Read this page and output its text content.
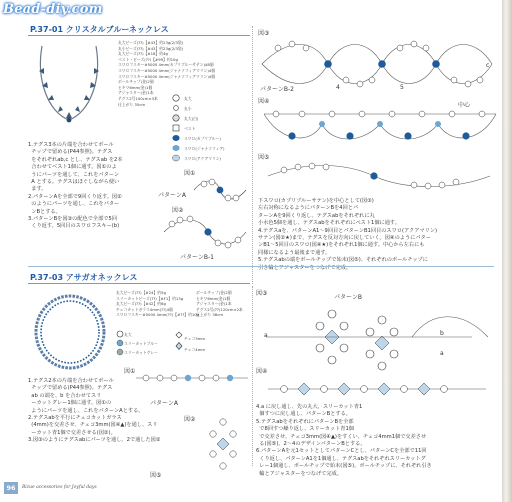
Bead-diy.com
P.37-01 クリスタルブルーネックレス
丸大ビーズ(??)【#43】約23g(2/3袋)
丸小ビーズ(??)【#43】約23g(2/3袋)
丸大ビーズ(??)【#18】約4g
ベスト・ビーズ(??)【#99】約10g
スワロフスキー#5000 4mm(カプリブルーサテン)48個
スワロフスキー#5000 4mm(ジャナソフィアマリン)4個
スワロフスキー#5000 4mm(ジャナソフィアマリン)4個
ボールチップ(金)2個
ヒキワ6mm(金)1個
アジャスター(金)1本
テグス2号100cm×3本
仕上がり 35cm
丸大
丸小
丸大(白)
ベスト
スワロ(カプリブルー)
スワロ(ジャナソフィア)
スワロ(アクアマリン)
1.テグス3本の片端を合わせてボール
チップで留める(P44参照)。テグス
をそれぞれab,c とし、テグスab を2本
合わせてベスト1個に通す。図①のよ
うにパーツを通して、これをパターン
A とする。テグスはほぐしながら使い
ます。
2.パターンAを全部で9回くり返す。図②
のようにパーツを通し、これをパター
ンBとする。
3.パターンBを図③の配色で全部で5回
くり返す。5回目のスワロフスキー(b)
図①
図②
パターンB-1
パターンA
図③
パターンB-2	4	5
c
図④
中心
図⑤
下スワロ(カプリブルーサテン)を中心として(図③)
左右対称になるようにパターンBを4回とパ
ターンAを9回くり返し、テグスabをそれぞれに丸
小水色5個を通し、テグスabをそれぞれにべスト1個に通す。
4.テグスaを、パターンA1〜9回目とパターンB1回目のスワロ(アクアマリン)
サテン(図②★)まで、テグスを反対方向に戻していく。図④のようにパター
ンB1〜5回目のスワロ(図④★)をそれぞれ1個に通す。中心から左右にも
同様になるよう最後まで通す。
5.テグスabの端をボールチップで始末(図⑤)、それぞれのボールチップに
引き輪とアジャスターをつなげて完成。
P.37-03 アサガオネックレス
丸大ビーズ(??)【#24】約5g
スリーカットビーズ(??)【#F1】約13g
丸大ビーズ(??)【#42】約6g
チェコカットガラス4mm(??)4個
スワロフスキー#5000 4mm(??)【#??】約10g
ボールチップ(金)2個
ヒキワ6mm(金)1個
アジャスター(金)1本
テグス2号(??)120cm×2本
仕上がり 38cm
丸大
スリーカットブルー
スリーカットグレー
チェコ3mm
チェコ4mm
1.テグス2本の片端を合わせてボール
チップで留める(P44参照)。テグス
ab の端を、b を合わせてスリ
ーカットグレー1個に通す。図①の
ようにパーツを通し、これをパターンAとする。
2.テグスabを平行にチェコカットガラス
(4mm)を交差させ、チェコ3mm(図④▲)を通し、スリ
ーカット青1個で交差させる(図②)。
3.図③のようにテグスabにパーツを通し、2で通した図②
図①
パターンA
図②
図③
パターンB
b
a
a
図④
4.a に戻し通し、先の丸大、スリーカット青1
個すつに戻し通し、パターンBとする。
5.テグスabをそれぞれにパターンBを全部
で8回すつ繰り返し、スリーカット青1個
で交差させ、チェコ3mm(図④▲)をすくい、チェコ4mm1個で交差させ
る(図⑤)。2〜4のデザインパターンBとする。
6.パターンAを元1セットとしてパターンCとし、パターンCを全部で11回
くり返し、パターンA1を1個通し、テグスabをそれぞれスリーカットグ
レー1個通し、ボールチップで始末(図⑤)。ボールチップに、それぞれ引き
輪とアジャスターをつなげて完成。
図⑤
96	Bizue accessories for Joyful days
